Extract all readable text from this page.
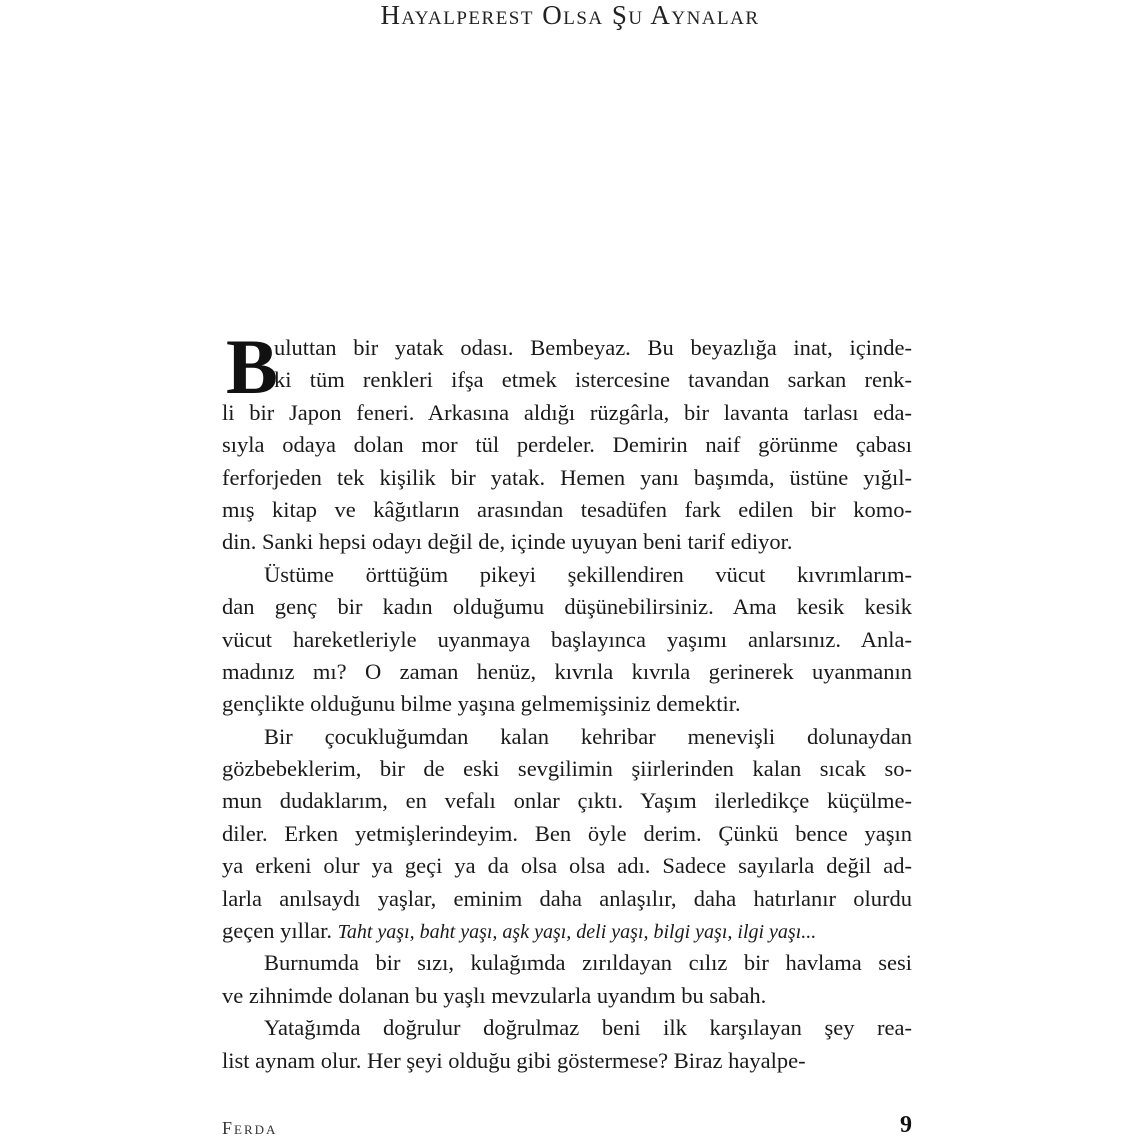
Hayalperest Olsa Şu Aynalar
B
uluttan bir yatak odası. Bembeyaz. Bu beyazlığa inat, içinde-
ki tüm renkleri ifşa etmek istercesine tavandan sarkan renk-
li bir Japon feneri. Arkasına aldığı rüzgârla, bir lavanta tarlası eda-
sıyla odaya dolan mor tül perdeler. Demirin naif görünme çabası
ferforjeden tek kişilik bir yatak. Hemen yanı başımda, üstüne yığıl-
mış kitap ve kâğıtların arasından tesadüfen fark edilen bir komo-
din. Sanki hepsi odayı değil de, içinde uyuyan beni tarif ediyor.
Üstüme örttüğüm pikeyi şekillendiren vücut kıvrımlarım-
dan genç bir kadın olduğumu düşünebilirsiniz. Ama kesik kesik
vücut hareketleriyle uyanmaya başlayınca yaşımı anlarsınız. Anla-
madınız mı? O zaman henüz, kıvrıla kıvrıla gerinerek uyanmanın
gençlikte olduğunu bilme yaşına gelmemişsiniz demektir.
Bir çocukluğumdan kalan kehribar menevişli dolunaydan
gözbebeklerim, bir de eski sevgilimin şiirlerinden kalan sıcak so-
mun dudaklarım, en vefalı onlar çıktı. Yaşım ilerledikçe küçülme-
diler. Erken yetmişlerindeyim. Ben öyle derim. Çünkü bence yaşın
ya erkeni olur ya geçi ya da olsa olsa adı. Sadece sayılarla değil ad-
larla anılsaydı yaşlar, eminim daha anlaşılır, daha hatırlanır olurdu
geçen yıllar. Taht yaşı, baht yaşı, aşk yaşı, deli yaşı, bilgi yaşı, ilgi yaşı...
Burnumda bir sızı, kulağımda zırıldayan cılız bir havlama sesi
ve zihnimde dolanan bu yaşlı mevzularla uyandım bu sabah.
Yatağımda doğrulur doğrulmaz beni ilk karşılayan şey rea-
list aynam olur. Her şeyi olduğu gibi göstermese? Biraz hayalpe-
Ferda	9
